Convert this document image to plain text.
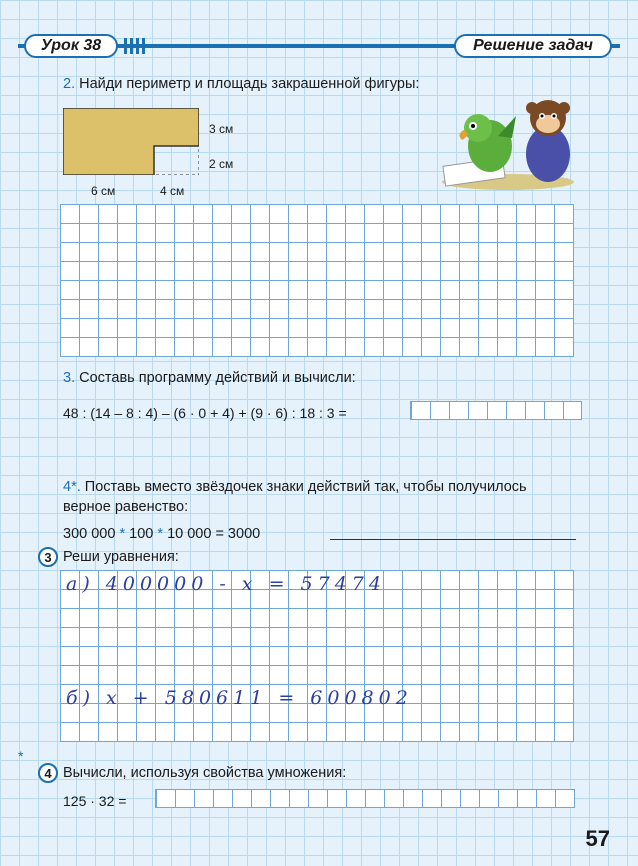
Урок 38	Решение задач
2. Найди периметр и площадь закрашенной фигуры:
3 см
2 см
6 см	4 см
3. Составь программу действий и вычисли:
48 : (14 – 8 : 4) – (6 · 0 + 4) + (9 · 6) : 18 : 3 =
4*. Поставь вместо звёздочек знаки действий так, чтобы получилось
верное равенство:
300 000 * 100 * 10 000 = 3000
3 Реши уравнения:
а) 400000 - x = 57474
б) x + 580611 = 600802
*
4 Вычисли, используя свойства умножения:
125 · 32 =
57
